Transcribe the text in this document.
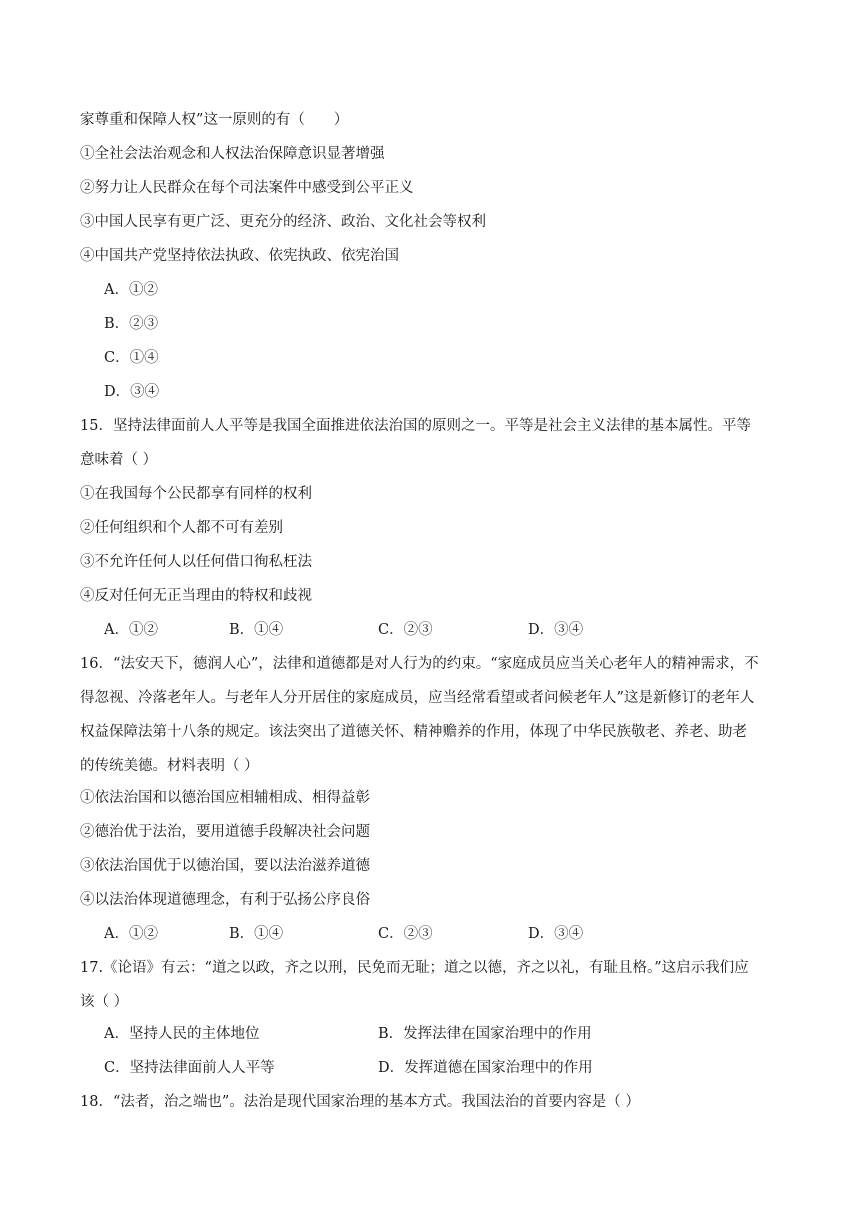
家尊重和保障人权”这一原则的有（　　）
①全社会法治观念和人权法治保障意识显著增强
②努力让人民群众在每个司法案件中感受到公平正义
③中国人民享有更广泛、更充分的经济、政治、文化社会等权利
④中国共产党坚持依法执政、依宪执政、依宪治国
A．①②
B．②③
C．①④
D．③④
15．坚持法律面前人人平等是我国全面推进依法治国的原则之一。平等是社会主义法律的基本属性。平等
意味着（ ）
①在我国每个公民都享有同样的权利
②任何组织和个人都不可有差别
③不允许任何人以任何借口徇私枉法
④反对任何无正当理由的特权和歧视
A．①②	B．①④	C．②③	D．③④
16．“法安天下，德润人心”，法律和道德都是对人行为的约束。“家庭成员应当关心老年人的精神需求，不
得忽视、冷落老年人。与老年人分开居住的家庭成员，应当经常看望或者问候老年人”这是新修订的老年人
权益保障法第十八条的规定。该法突出了道德关怀、精神赡养的作用，体现了中华民族敬老、养老、助老
的传统美德。材料表明（ ）
①依法治国和以德治国应相辅相成、相得益彰
②德治优于法治，要用道德手段解决社会问题
③依法治国优于以德治国，要以法治滋养道德
④以法治体现道德理念，有利于弘扬公序良俗
A．①②	B．①④	C．②③	D．③④
17.《论语》有云：“道之以政，齐之以刑，民免而无耻；道之以德，齐之以礼，有耻且格。”这启示我们应
该（ ）
A．坚持人民的主体地位	B．发挥法律在国家治理中的作用
C．坚持法律面前人人平等	D．发挥道德在国家治理中的作用
18．“法者，治之端也”。法治是现代国家治理的基本方式。我国法治的首要内容是（ ）
